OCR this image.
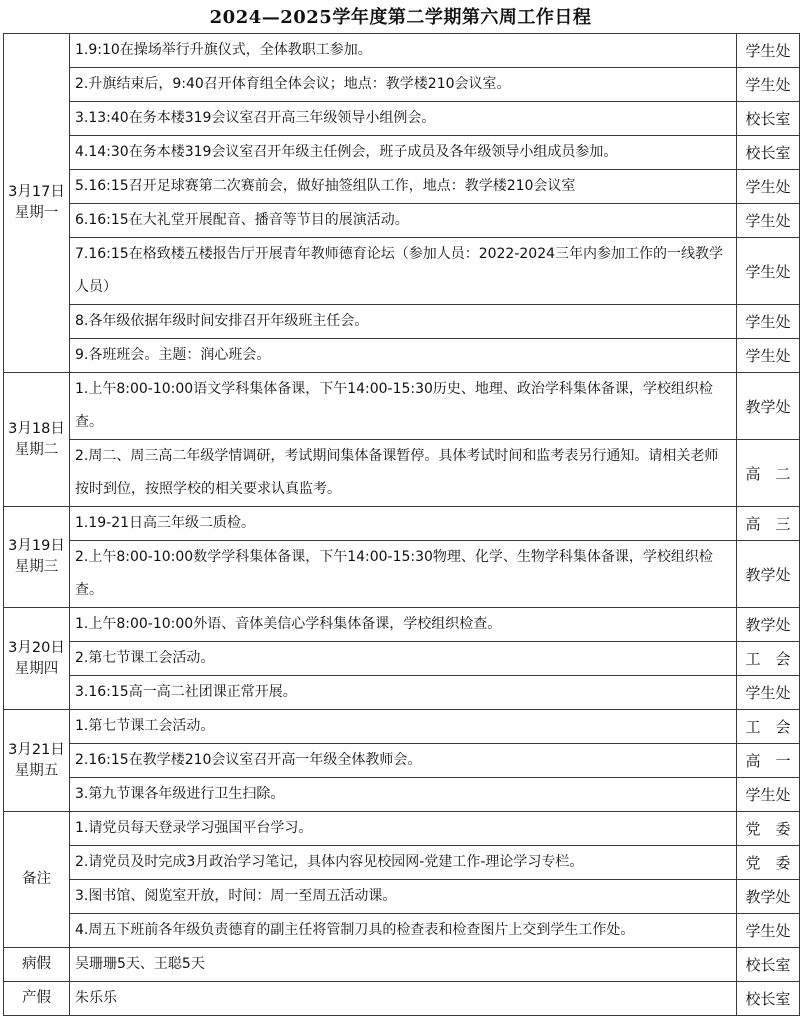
2024—2025学年度第二学期第六周工作日程
3月17日
星期一	1.9:10在操场举行升旗仪式，全体教职工参加。	学生处
	2.升旗结束后，9:40召开体育组全体会议；地点：教学楼210会议室。	学生处
	3.13:40在务本楼319会议室召开高三年级领导小组例会。	校长室
	4.14:30在务本楼319会议室召开年级主任例会，班子成员及各年级领导小组成员参加。	校长室
	5.16:15召开足球赛第二次赛前会，做好抽签组队工作，地点：教学楼210会议室	学生处
	6.16:15在大礼堂开展配音、播音等节目的展演活动。	学生处
	7.16:15在格致楼五楼报告厅开展青年教师德育论坛（参加人员：2022-2024三年内参加工作的一线教学人员）	学生处
	8.各年级依据年级时间安排召开年级班主任会。	学生处
	9.各班班会。主题：润心班会。	学生处

3月18日
星期二	1.上午8:00-10:00语文学科集体备课，下午14:00-15:30历史、地理、政治学科集体备课，学校组织检查。	教学处
	2.周二、周三高二年级学情调研，考试期间集体备课暂停。具体考试时间和监考表另行通知。请相关老师按时到位，按照学校的相关要求认真监考。	高　二

3月19日
星期三	1.19-21日高三年级二质检。	高　三
	2.上午8:00-10:00数学学科集体备课，下午14:00-15:30物理、化学、生物学科集体备课，学校组织检查。	教学处

3月20日
星期四	1.上午8:00-10:00外语、音体美信心学科集体备课，学校组织检查。	教学处
	2.第七节课工会活动。	工　会
	3.16:15高一高二社团课正常开展。	学生处

3月21日
星期五	1.第七节课工会活动。	工　会
	2.16:15在教学楼210会议室召开高一年级全体教师会。	高　一
	3.第九节课各年级进行卫生扫除。	学生处
备注	1.请党员每天登录学习强国平台学习。	党　委
	2.请党员及时完成3月政治学习笔记，具体内容见校园网-党建工作-理论学习专栏。	党　委
	3.图书馆、阅览室开放，时间：周一至周五活动课。	教学处
	4.周五下班前各年级负责德育的副主任将管制刀具的检查表和检查图片上交到学生工作处。	学生处
病假	吴珊珊5天、王聪5天	校长室
产假	朱乐乐	校长室
